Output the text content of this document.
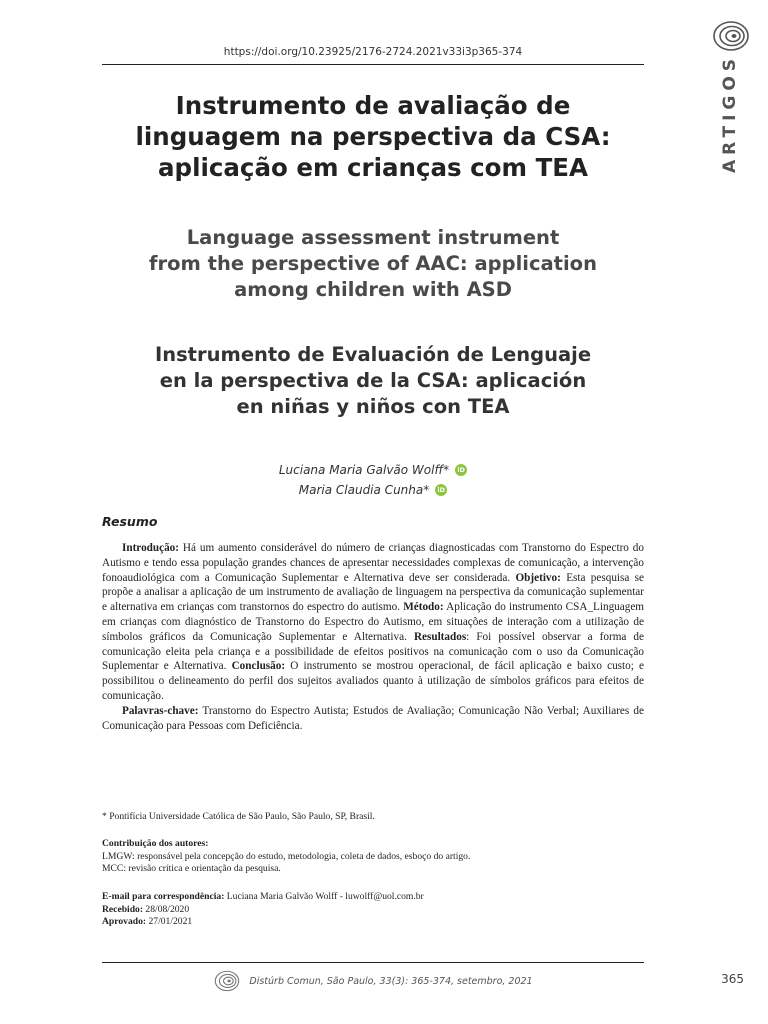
ARTIGOS
https://doi.org/10.23925/2176-2724.2021v33i3p365-374
Instrumento de avaliação de
linguagem na perspectiva da CSA:
aplicação em crianças com TEA
Language assessment instrument
from the perspective of AAC: application
among children with ASD
Instrumento de Evaluación de Lenguaje
en la perspectiva de la CSA: aplicación
en niñas y niños con TEA
Luciana Maria Galvão Wolff*	iD
Maria Claudia Cunha*	iD
Resumo

Introdução: Há um aumento considerável do número de crianças diagnosticadas com Transtorno do Espectro do Autismo e tendo essa população grandes chances de apresentar necessidades complexas de comunicação, a intervenção fonoaudiológica com a Comunicação Suplementar e Alternativa deve ser considerada. Objetivo: Esta pesquisa se propõe a analisar a aplicação de um instrumento de avaliação de linguagem na perspectiva da comunicação suplementar e alternativa em crianças com transtornos do espectro do autismo. Método: Aplicação do instrumento CSA_Linguagem em crianças com diagnóstico de Transtorno do Espectro do Autismo, em situações de interação com a utilização de símbolos gráficos da Comunicação Suplementar e Alternativa. Resultados: Foi possível observar a forma de comunicação eleita pela criança e a possibilidade de efeitos positivos na comunicação com o uso da Comunicação Suplementar e Alternativa. Conclusão: O instrumento se mostrou operacional, de fácil aplicação e baixo custo; e possibilitou o delineamento do perfil dos sujeitos avaliados quanto à utilização de símbolos gráficos para efeitos de comunicação.

Palavras-chave: Transtorno do Espectro Autista; Estudos de Avaliação; Comunicação Não Verbal; Auxiliares de Comunicação para Pessoas com Deficiência.

* Pontifícia Universidade Católica de São Paulo, São Paulo, SP, Brasil.
Contribuição dos autores:
LMGW: responsável pela concepção do estudo, metodologia, coleta de dados, esboço do artigo.
MCC: revisão crítica e orientação da pesquisa.
E-mail para correspondência: Luciana Maria Galvão Wolff - luwolff@uol.com.br
Recebido: 28/08/2020
Aprovado: 27/01/2021
Distúrb Comun, São Paulo, 33(3): 365-374, setembro, 2021	365
